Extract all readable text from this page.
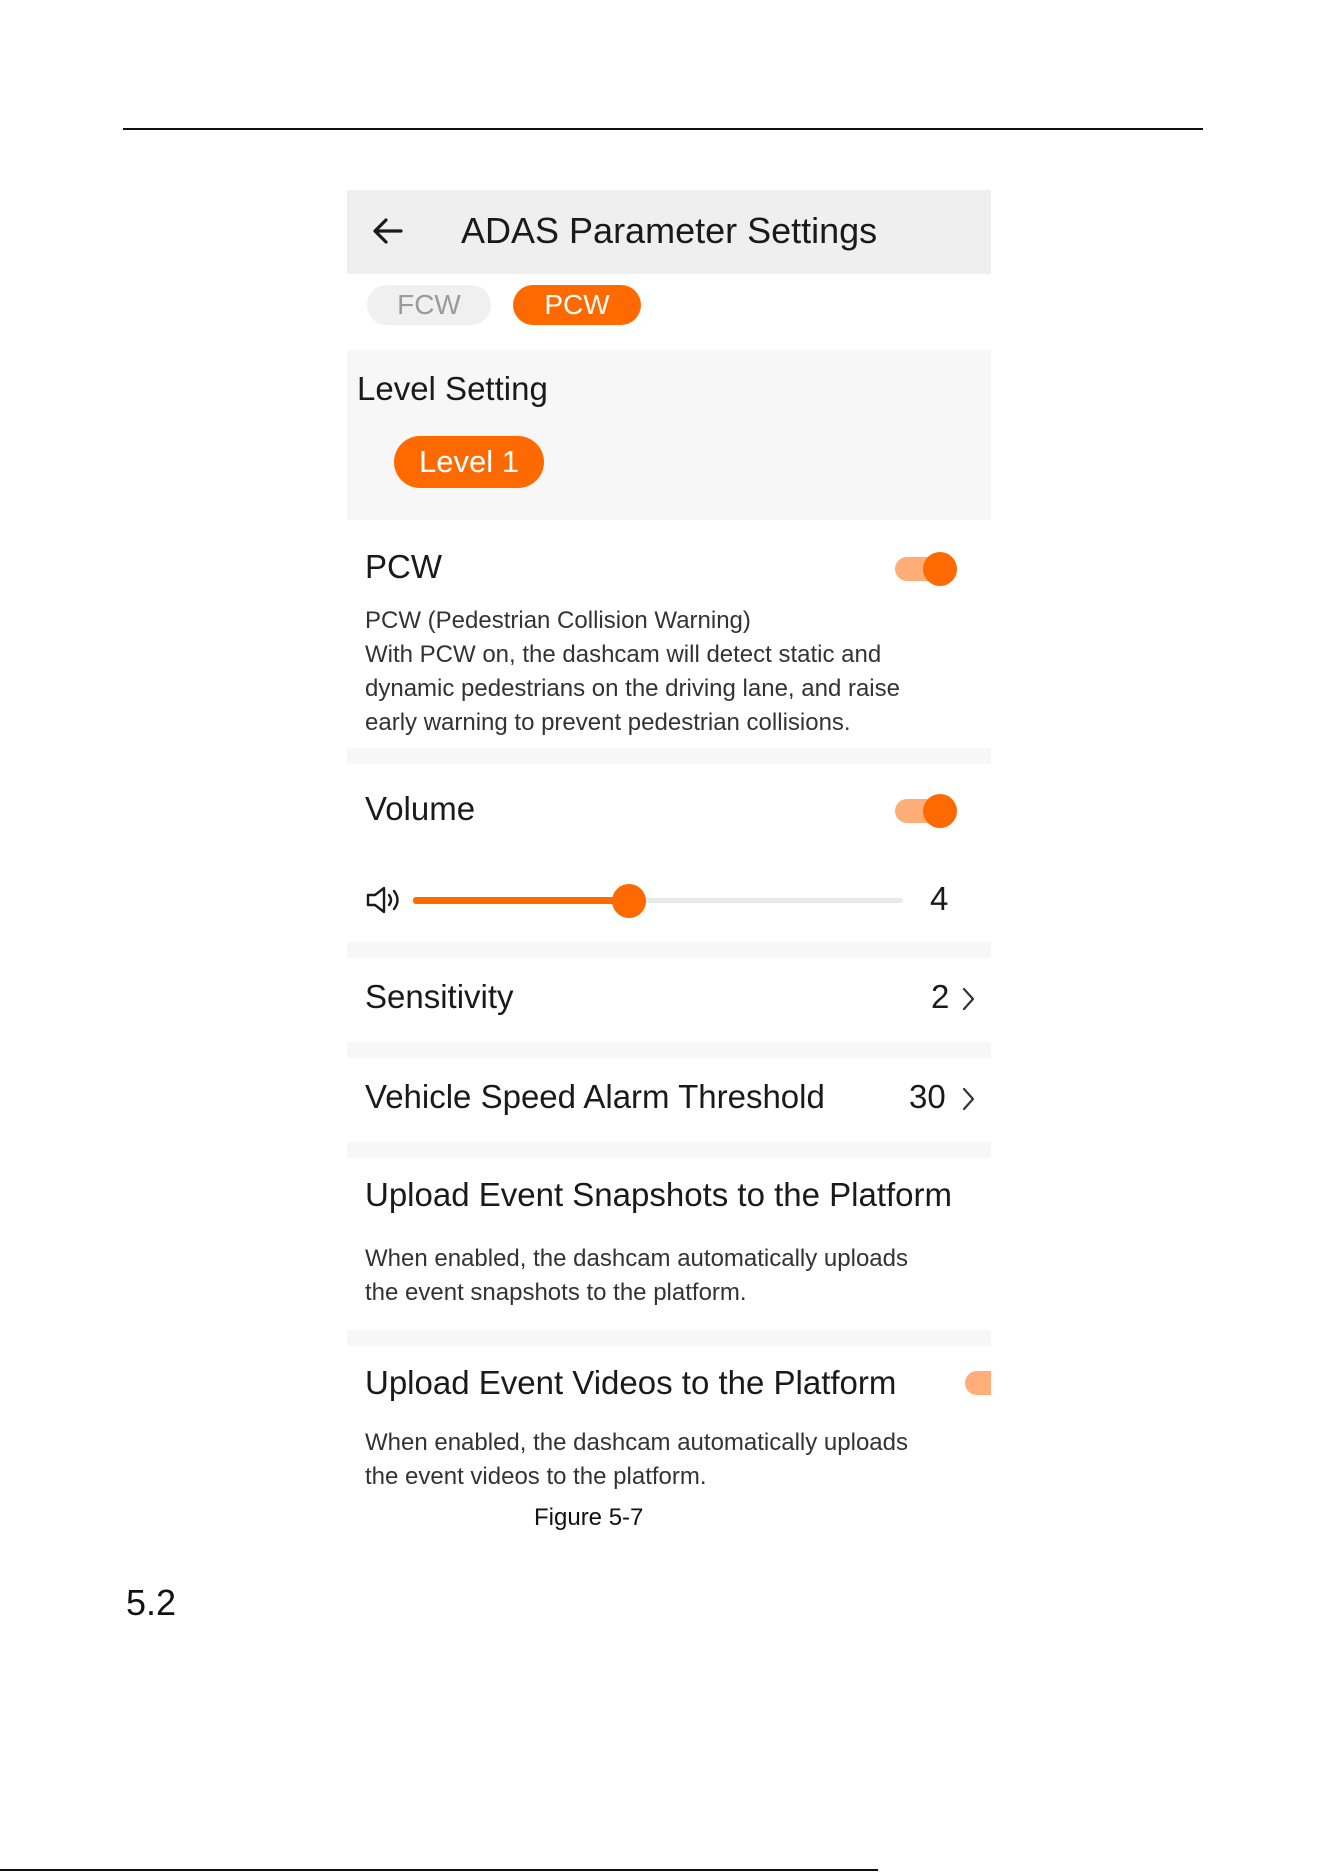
ADAS Parameter Settings
FCW	PCW
Level Setting
Level 1
PCW
PCW (Pedestrian Collision Warning)
With PCW on, the dashcam will detect static and
dynamic pedestrians on the driving lane, and raise
early warning to prevent pedestrian collisions.
Volume
4
Sensitivity	2
Vehicle Speed Alarm Threshold	30
Upload Event Snapshots to the Platform
When enabled, the dashcam automatically uploads
the event snapshots to the platform.
Upload Event Videos to the Platform
When enabled, the dashcam automatically uploads
the event videos to the platform.
Figure 5-7
5.2
